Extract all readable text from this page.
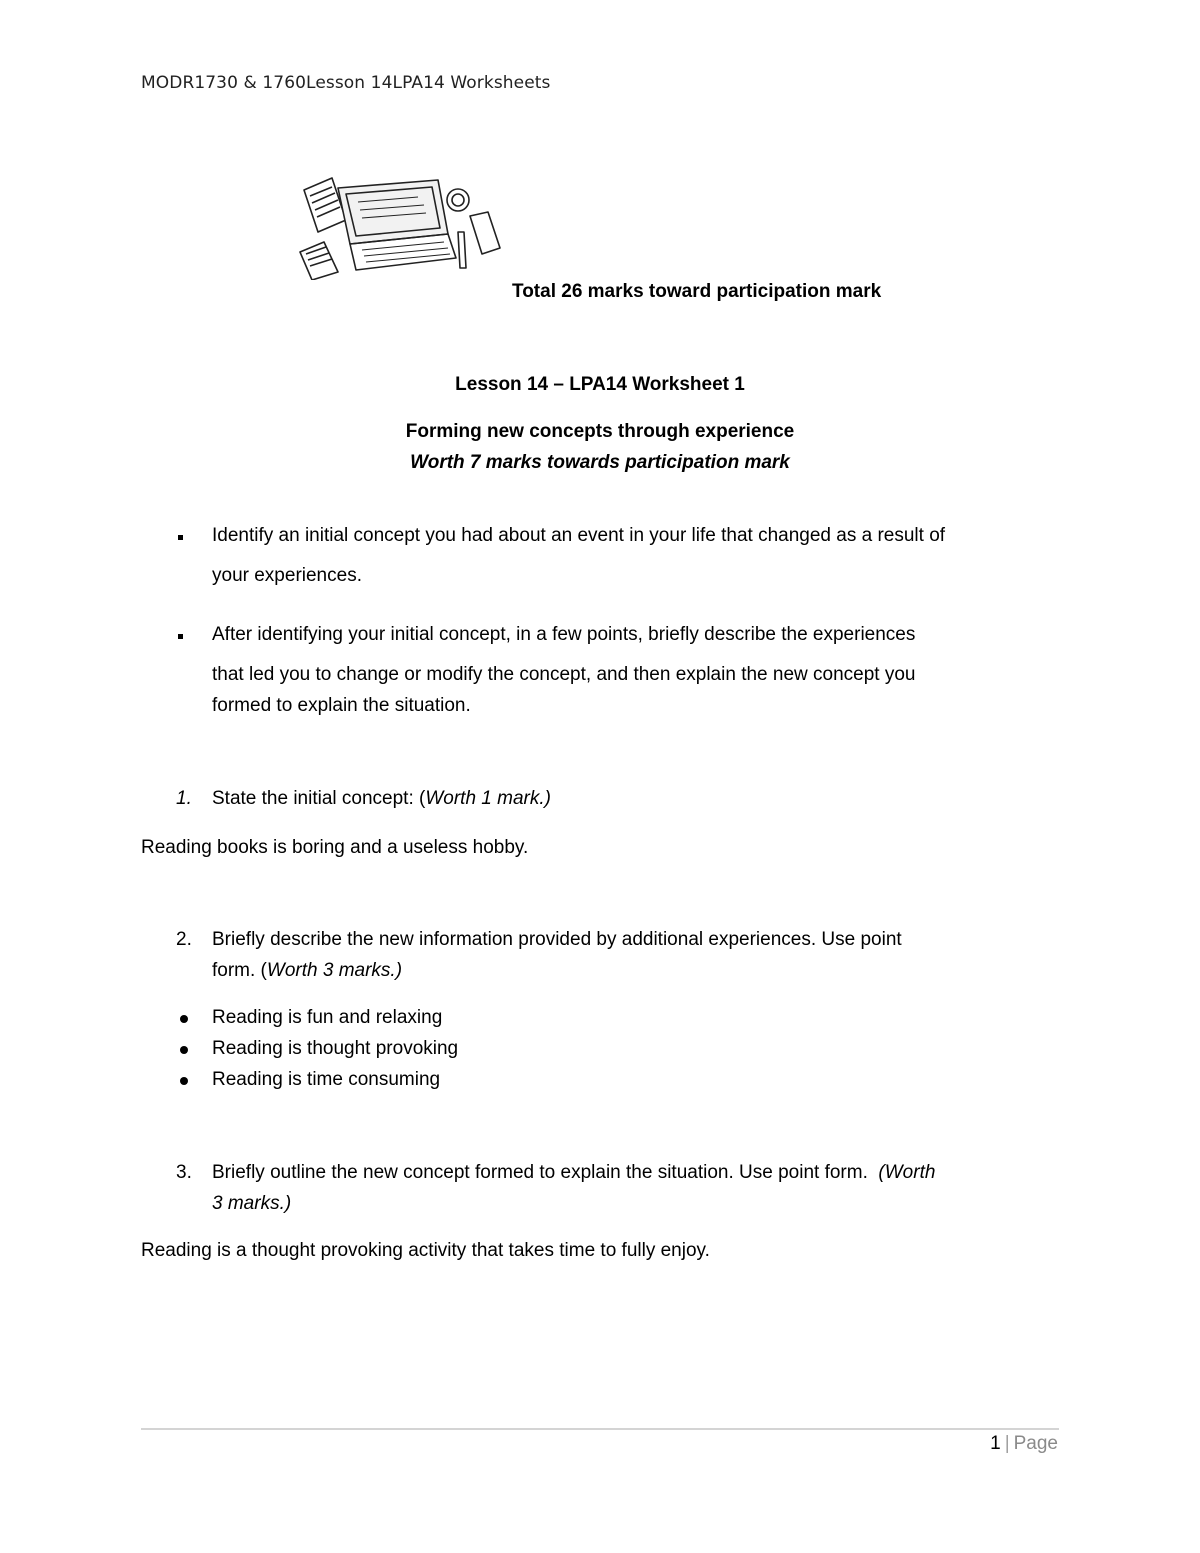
MODR1730 & 1760Lesson 14LPA14 Worksheets
Total 26 marks toward participation mark
Lesson 14 – LPA14 Worksheet 1
Forming new concepts through experience
Worth 7 marks towards participation mark
Identify an initial concept you had about an event in your life that changed as a result of
your experiences.
After identifying your initial concept, in a few points, briefly describe the experiences
that led you to change or modify the concept, and then explain the new concept you
formed to explain the situation.
1. State the initial concept: (Worth 1 mark.)
Reading books is boring and a useless hobby.
2. Briefly describe the new information provided by additional experiences. Use point
form. (Worth 3 marks.)
Reading is fun and relaxing
Reading is thought provoking
Reading is time consuming
3. Briefly outline the new concept formed to explain the situation. Use point form. (Worth
3 marks.)
Reading is a thought provoking activity that takes time to fully enjoy.
1 | Page
